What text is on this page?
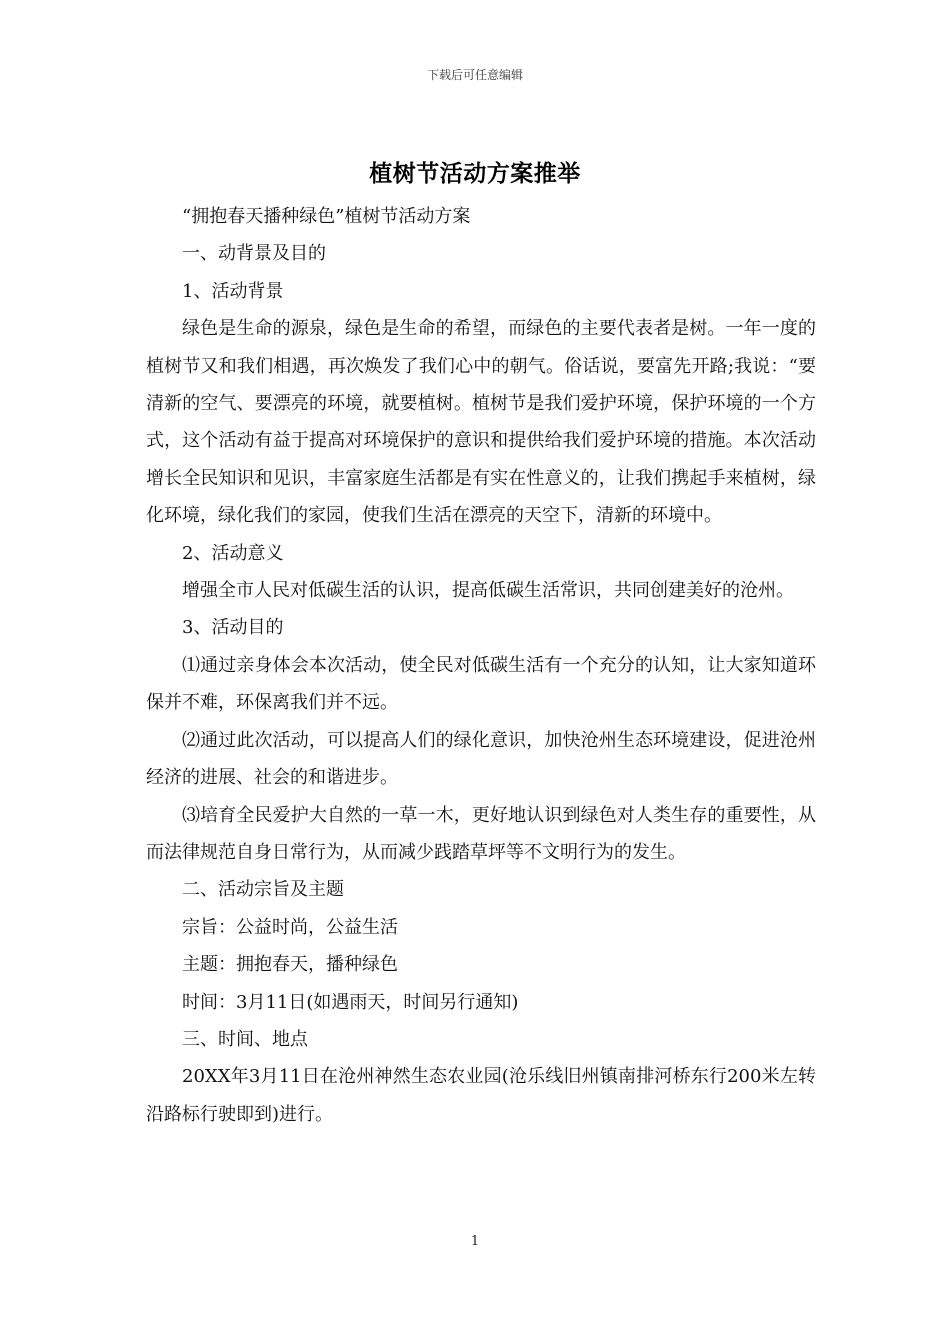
下载后可任意编辑
植树节活动方案推举

“拥抱春天播种绿色”植树节活动方案

一、动背景及目的

1、活动背景

绿色是生命的源泉，绿色是生命的希望，而绿色的主要代表者是树。一年一度的植树节又和我们相遇，再次焕发了我们心中的朝气。俗话说，要富先开路;我说：“要清新的空气、要漂亮的环境，就要植树。植树节是我们爱护环境，保护环境的一个方式，这个活动有益于提高对环境保护的意识和提供给我们爱护环境的措施。本次活动增长全民知识和见识，丰富家庭生活都是有实在性意义的，让我们携起手来植树，绿化环境，绿化我们的家园，使我们生活在漂亮的天空下，清新的环境中。

2、活动意义

增强全市人民对低碳生活的认识，提高低碳生活常识，共同创建美好的沧州。

3、活动目的

⑴通过亲身体会本次活动，使全民对低碳生活有一个充分的认知，让大家知道环保并不难，环保离我们并不远。

⑵通过此次活动，可以提高人们的绿化意识，加快沧州生态环境建设，促进沧州经济的进展、社会的和谐进步。

⑶培育全民爱护大自然的一草一木，更好地认识到绿色对人类生存的重要性，从而法律规范自身日常行为，从而减少践踏草坪等不文明行为的发生。

二、活动宗旨及主题

宗旨：公益时尚，公益生活

主题：拥抱春天，播种绿色

时间：3月11日(如遇雨天，时间另行通知)

三、时间、地点

20XX年3月11日在沧州神然生态农业园(沧乐线旧州镇南排河桥东行200米左转沿路标行驶即到)进行。

1
